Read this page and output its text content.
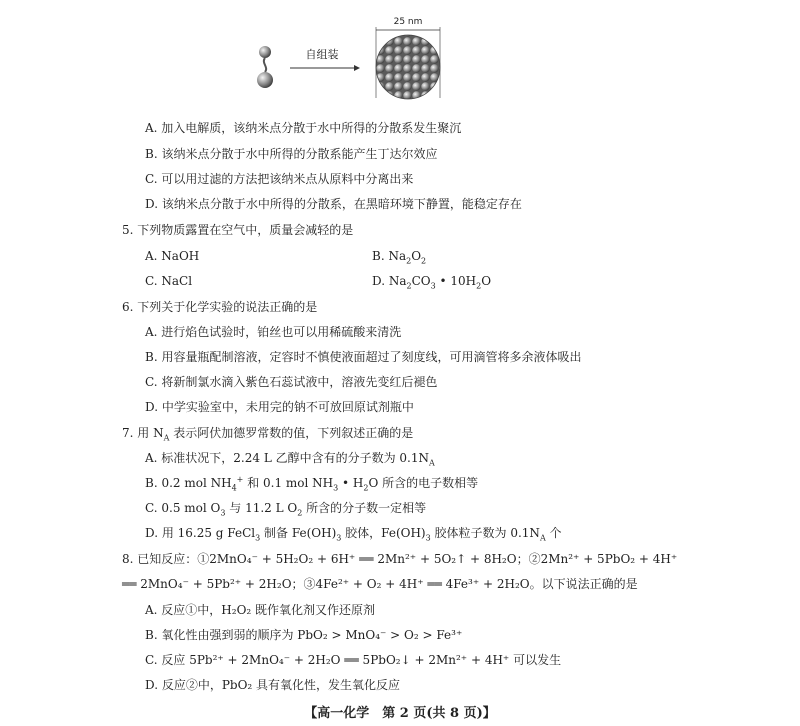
自组装
25 nm
A. 加入电解质，该纳米点分散于水中所得的分散系发生聚沉
B. 该纳米点分散于水中所得的分散系能产生丁达尔效应
C. 可以用过滤的方法把该纳米点从原料中分离出来
D. 该纳米点分散于水中所得的分散系，在黑暗环境下静置，能稳定存在
5. 下列物质露置在空气中，质量会减轻的是
A. NaOH	B. $Na_2O_2$
C. NaCl	D. $Na_2CO_3$ • $10H_2O$
6. 下列关于化学实验的说法正确的是
A. 进行焰色试验时，铂丝也可以用稀硫酸来清洗
B. 用容量瓶配制溶液，定容时不慎使液面超过了刻度线，可用滴管将多余液体吸出
C. 将新制氯水滴入紫色石蕊试液中，溶液先变红后褪色
D. 中学实验室中，未用完的钠不可放回原试剂瓶中
7. 用 $N_A$ 表示阿伏加德罗常数的值，下列叙述正确的是
A. 标准状况下，2.24 L 乙醇中含有的分子数为 $0.1N_A$
B. 0.2 mol $NH_4^+$ 和 0.1 mol $NH_3$ • $H_2O$ 所含的电子数相等
C. 0.5 mol $O_3$ 与 11.2 L $O_2$ 所含的分子数一定相等
D. 用 16.25 g FeCl$_3$ 制备 $Fe(OH)_3$ 胶体，$Fe(OH)_3$ 胶体粒子数为 $0.1N_A$ 个
8. 已知反应：①2MnO₄⁻ + 5H₂O₂ + 6H⁺ ══ 2Mn²⁺ + 5O₂↑ + 8H₂O；②2Mn²⁺ + 5PbO₂ + 4H⁺
══ 2MnO₄⁻ + 5Pb²⁺ + 2H₂O；③4Fe²⁺ + O₂ + 4H⁺ ══ 4Fe³⁺ + 2H₂O。以下说法正确的是
A. 反应①中，H₂O₂ 既作氧化剂又作还原剂
B. 氧化性由强到弱的顺序为 PbO₂ > MnO₄⁻ > O₂ > Fe³⁺
C. 反应 5Pb²⁺ + 2MnO₄⁻ + 2H₂O ══ 5PbO₂↓ + 2Mn²⁺ + 4H⁺ 可以发生
D. 反应②中，PbO₂ 具有氧化性，发生氧化反应
【高一化学　第 2 页(共 8 页)】
